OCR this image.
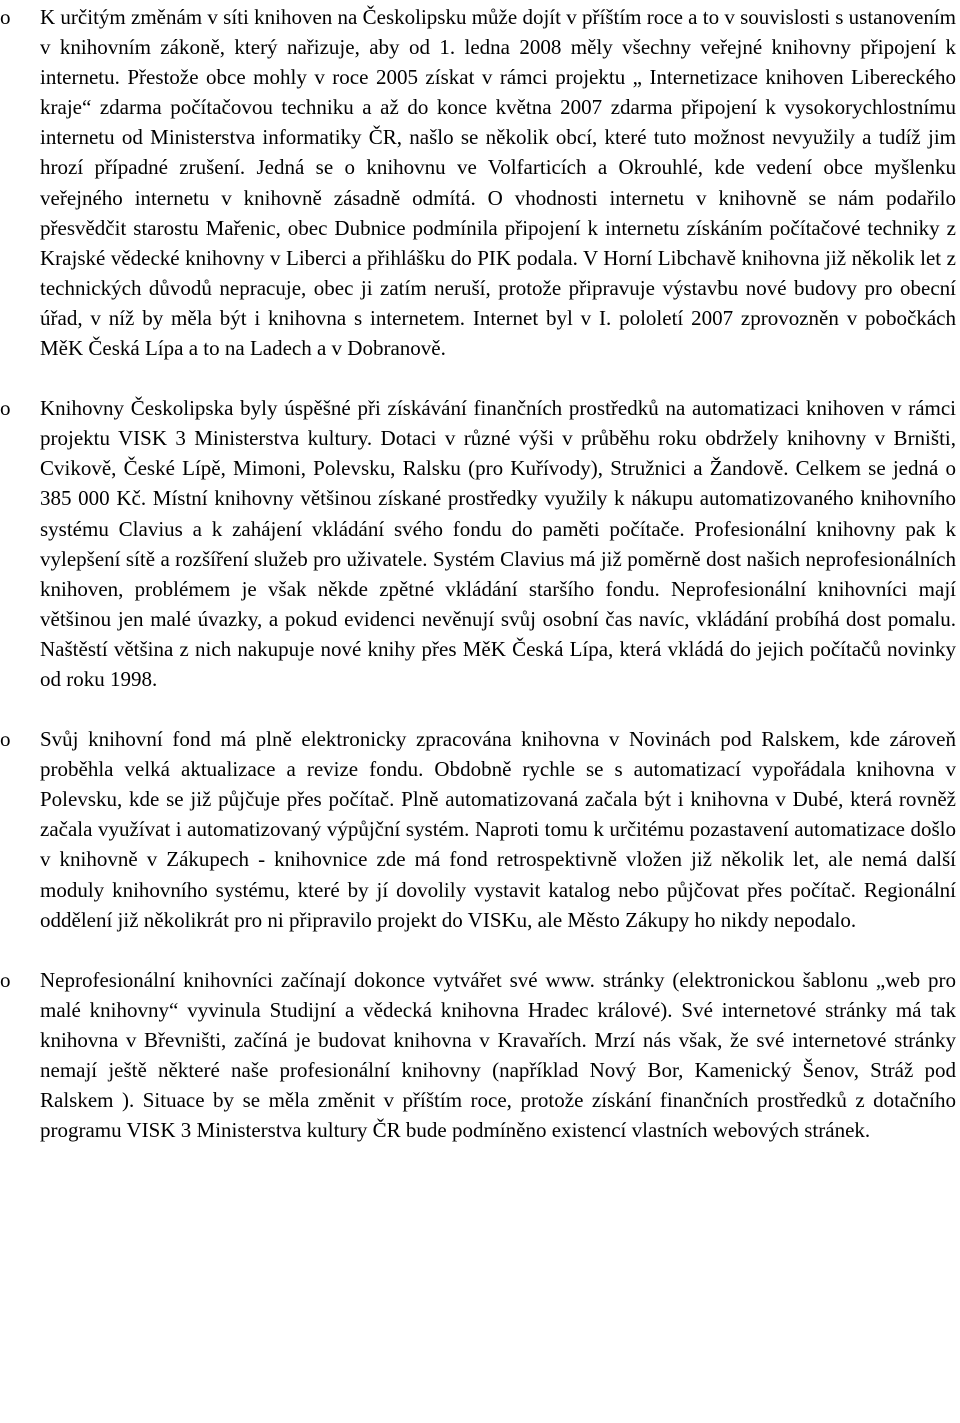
o K určitým změnám v síti knihoven na Českolipsku může dojít v příštím roce a to v souvislosti s ustanovením v knihovním zákoně, který nařizuje, aby od 1. ledna 2008 měly všechny veřejné knihovny připojení k internetu. Přestože obce mohly v roce 2005 získat v rámci projektu „ Internetizace knihoven Libereckého kraje“ zdarma počítačovou techniku a až do konce května 2007 zdarma připojení k vysokorychlostnímu internetu od Ministerstva informatiky ČR, našlo se několik obcí, které tuto možnost nevyužily a tudíž jim hrozí případné zrušení. Jedná se o knihovnu ve Volfarticích a Okrouhlé, kde vedení obce myšlenku veřejného internetu v knihovně zásadně odmítá. O vhodnosti internetu v knihovně se nám podařilo přesvědčit starostu Mařenic, obec Dubnice podmínila připojení k internetu získáním počítačové techniky z Krajské vědecké knihovny v Liberci a přihlášku do PIK podala. V Horní Libchavě knihovna již několik let z technických důvodů nepracuje, obec ji zatím neruší, protože připravuje výstavbu nové budovy pro obecní úřad, v níž by měla být i knihovna s internetem. Internet byl v I. pololetí 2007 zprovozněn v pobočkách MěK Česká Lípa a to na Ladech a v Dobranově.

o Knihovny Českolipska byly úspěšné při získávání finančních prostředků na automatizaci knihoven v rámci projektu VISK 3 Ministerstva kultury. Dotaci v různé výši v průběhu roku obdržely knihovny v Brništi, Cvikově, České Lípě, Mimoni, Polevsku, Ralsku (pro Kuřívody), Stružnici a Žandově. Celkem se jedná o 385 000 Kč. Místní knihovny většinou získané prostředky využily k nákupu automatizovaného knihovního systému Clavius a k zahájení vkládání svého fondu do paměti počítače. Profesionální knihovny pak k vylepšení sítě a rozšíření služeb pro uživatele. Systém Clavius má již poměrně dost našich neprofesionálních knihoven, problémem je však někde zpětné vkládání staršího fondu. Neprofesionální knihovníci mají většinou jen malé úvazky, a pokud evidenci nevěnují svůj osobní čas navíc, vkládání probíhá dost pomalu. Naštěstí většina z nich nakupuje nové knihy přes MěK Česká Lípa, která vkládá do jejich počítačů novinky od roku 1998.

o Svůj knihovní fond má plně elektronicky zpracována knihovna v Novinách pod Ralskem, kde zároveň proběhla velká aktualizace a revize fondu. Obdobně rychle se s automatizací vypořádala knihovna v Polevsku, kde se již půjčuje přes počítač. Plně automatizovaná začala být i knihovna v Dubé, která rovněž začala využívat i automatizovaný výpůjční systém. Naproti tomu k určitému pozastavení automatizace došlo v knihovně v Zákupech - knihovnice zde má fond retrospektivně vložen již několik let, ale nemá další moduly knihovního systému, které by jí dovolily vystavit katalog nebo půjčovat přes počítač. Regionální oddělení již několikrát pro ni připravilo projekt do VISKu, ale Město Zákupy ho nikdy nepodalo.

o Neprofesionální knihovníci začínají dokonce vytvářet své www. stránky (elektronickou šablonu „web pro malé knihovny“ vyvinula Studijní a vědecká knihovna Hradec králové). Své internetové stránky má tak knihovna v Břevništi, začíná je budovat knihovna v Kravařích. Mrzí nás však, že své internetové stránky nemají ještě některé naše profesionální knihovny (například Nový Bor, Kamenický Šenov, Stráž pod Ralskem ). Situace by se měla změnit v příštím roce, protože získání finančních prostředků z dotačního programu VISK 3 Ministerstva kultury ČR bude podmíněno existencí vlastních webových stránek.
